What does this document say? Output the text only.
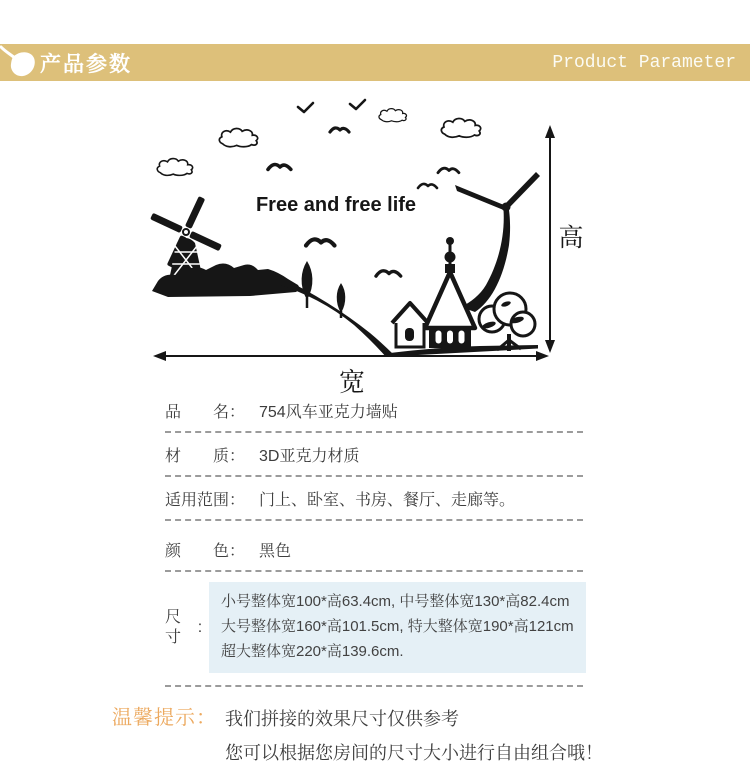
产品参数	Product Parameter
Free and free life
高
宽
品　　名： 754风车亚克力墙贴
材　　质： 3D亚克力材质
适用范围： 门上、卧室、书房、餐厅、走廊等。
颜　　色： 黑色
尺
寸
:
小号整体宽100*高63.4cm, 中号整体宽130*高82.4cm
大号整体宽160*高101.5cm, 特大整体宽190*高121cm
超大整体宽220*高139.6cm.
温馨提示： 我们拼接的效果尺寸仅供参考
您可以根据您房间的尺寸大小进行自由组合哦！
